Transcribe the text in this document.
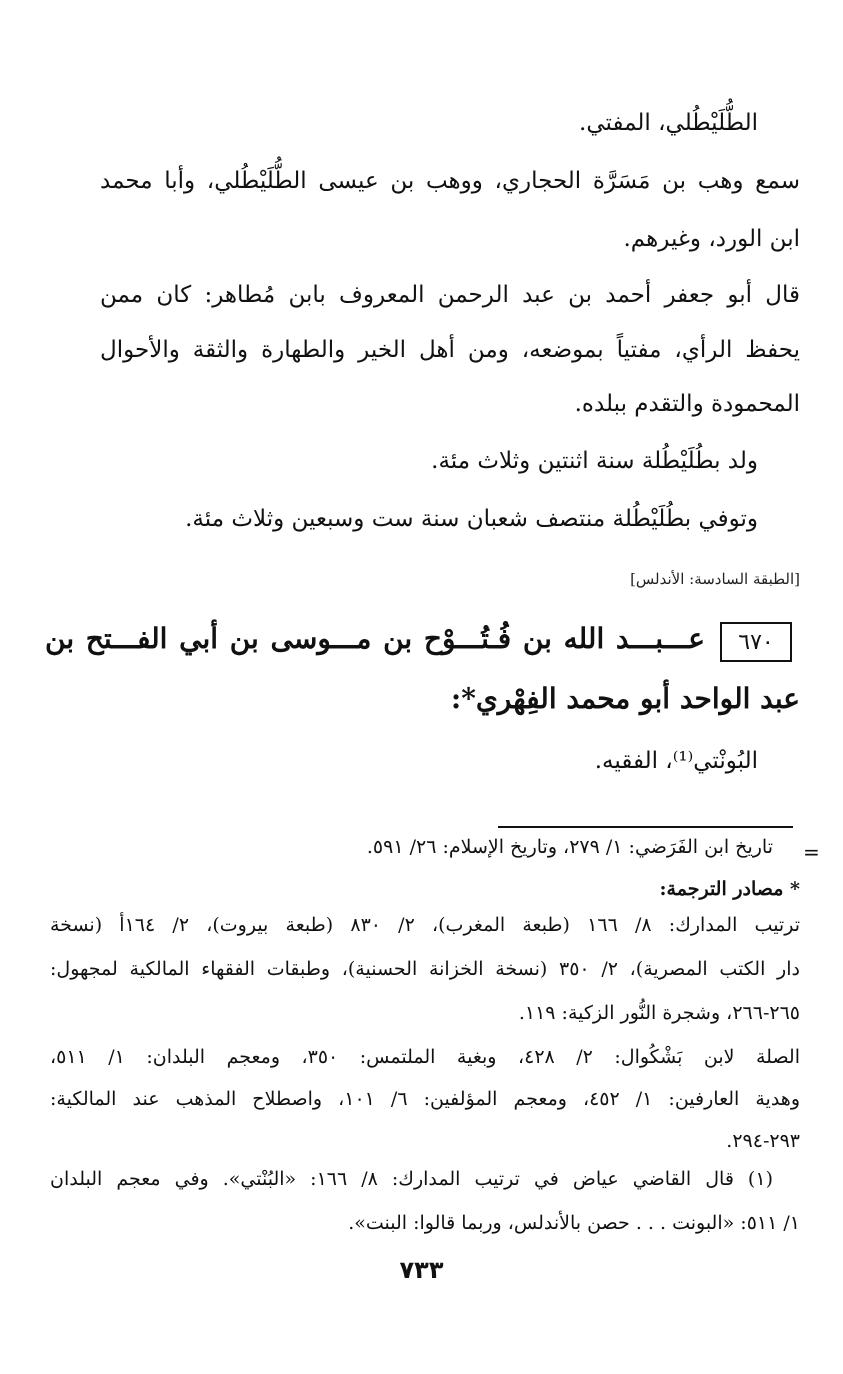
الطُّلَيْطُلي، المفتي.
سمع وهب بن مَسَرَّة الحجاري، ووهب بن عيسى الطُّلَيْطُلي، وأبا محمد
ابن الورد، وغيرهم.
قال أبو جعفر أحمد بن عبد الرحمن المعروف بابن مُطاهر: كان ممن
يحفظ الرأي، مفتياً بموضعه، ومن أهل الخير والطهارة والثقة والأحوال
المحمودة والتقدم ببلده.
ولد بطُلَيْطُلة سنة اثنتين وثلاث مئة.
وتوفي بطُلَيْطُلة منتصف شعبان سنة ست وسبعين وثلاث مئة.
[الطبقة السادسة: الأندلس]
٦٧٠
عـــبـــد الله بن فُـتُـــوْح بن مـــوسى بن أبي الفـــتح بن
عبد الواحد أبو محمد الفِهْري*:
البُونْتي⁽¹⁾، الفقيه.
=
تاريخ ابن الفَرَضي: ١/ ٢٧٩، وتاريخ الإسلام: ٢٦/ ٥٩١.
* مصادر الترجمة:
ترتيب المدارك: ٨/ ١٦٦ (طبعة المغرب)، ٢/ ٨٣٠ (طبعة بيروت)، ٢/ ١٦٤أ (نسخة
دار الكتب المصرية)، ٢/ ٣٥٠ (نسخة الخزانة الحسنية)، وطبقات الفقهاء المالكية لمجهول:
٢٦٥-٢٦٦، وشجرة النُّور الزكية: ١١٩.
الصلة لابن بَشْكُوال: ٢/ ٤٢٨، وبغية الملتمس: ٣٥٠، ومعجم البلدان: ١/ ٥١١،
وهدية العارفين: ١/ ٤٥٢، ومعجم المؤلفين: ٦/ ١٠١، واصطلاح المذهب عند المالكية:
٢٩٣-٢٩٤.
(١) قال القاضي عياض في ترتيب المدارك: ٨/ ١٦٦: «البُنْتي». وفي معجم البلدان
١/ ٥١١: «البونت . . . حصن بالأندلس، وربما قالوا: البنت».
٧٣٣
